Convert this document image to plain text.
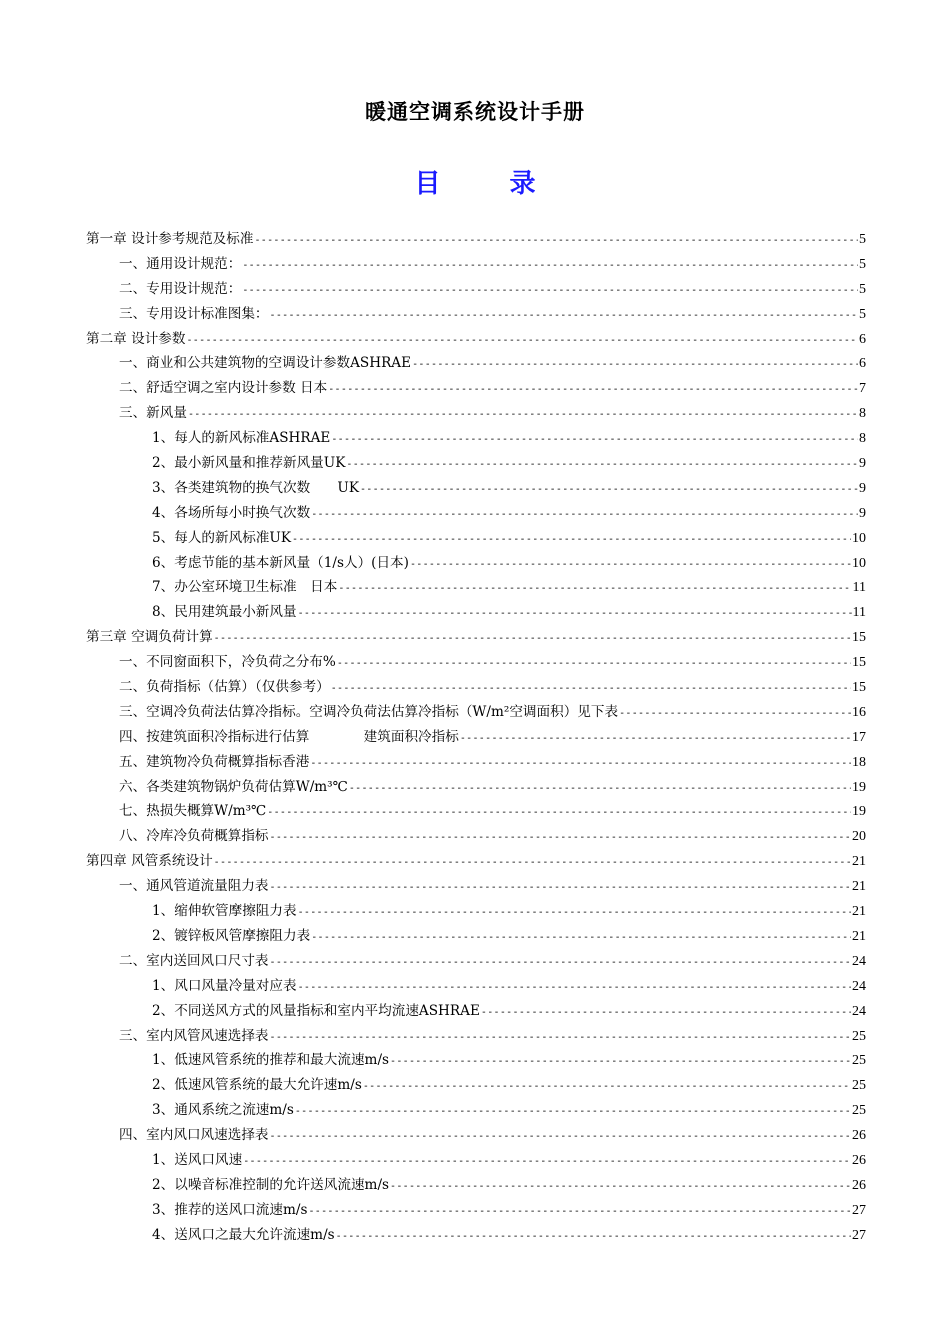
暖通空调系统设计手册
目 录
第一章 设计参考规范及标准 -----	5
一、通用设计规范： -----	5
二、专用设计规范： -----	5
三、专用设计标准图集： -----	5
第二章 设计参数 -----	6
一、商业和公共建筑物的空调设计参数ASHRAE -----	6
二、舒适空调之室内设计参数 日本 -----	7
三、新风量 -----	8
1、每人的新风标准ASHRAE -----	8
2、最小新风量和推荐新风量UK -----	9
3、各类建筑物的换气次数　　UK -----	9
4、各场所每小时换气次数 -----	9
5、每人的新风标准UK -----	10
6、考虑节能的基本新风量（1/s人）(日本) -----	10
7、办公室环境卫生标准　日本 -----	11
8、民用建筑最小新风量 -----	11
第三章 空调负荷计算 -----	15
一、不同窗面积下，冷负荷之分布% -----	15
二、负荷指标（估算）（仅供参考） -----	15
三、空调冷负荷法估算冷指标。空调冷负荷法估算冷指标（W/m²空调面积）见下表 -----	16
四、按建筑面积冷指标进行估算　　　　建筑面积冷指标 -----	17
五、建筑物冷负荷概算指标香港 -----	18
六、各类建筑物锅炉负荷估算W/m³℃ -----	19
七、热损失概算W/m³℃ -----	19
八、冷库冷负荷概算指标 -----	20
第四章 风管系统设计 -----	21
一、通风管道流量阻力表 -----	21
1、缩伸软管摩擦阻力表 -----	21
2、镀锌板风管摩擦阻力表 -----	21
二、室内送回风口尺寸表 -----	24
1、风口风量冷量对应表 -----	24
2、不同送风方式的风量指标和室内平均流速ASHRAE -----	24
三、室内风管风速选择表 -----	25
1、低速风管系统的推荐和最大流速m/s -----	25
2、低速风管系统的最大允许速m/s -----	25
3、通风系统之流速m/s -----	25
四、室内风口风速选择表 -----	26
1、送风口风速 -----	26
2、以噪音标准控制的允许送风流速m/s -----	26
3、推荐的送风口流速m/s -----	27
4、送风口之最大允许流速m/s -----	27
